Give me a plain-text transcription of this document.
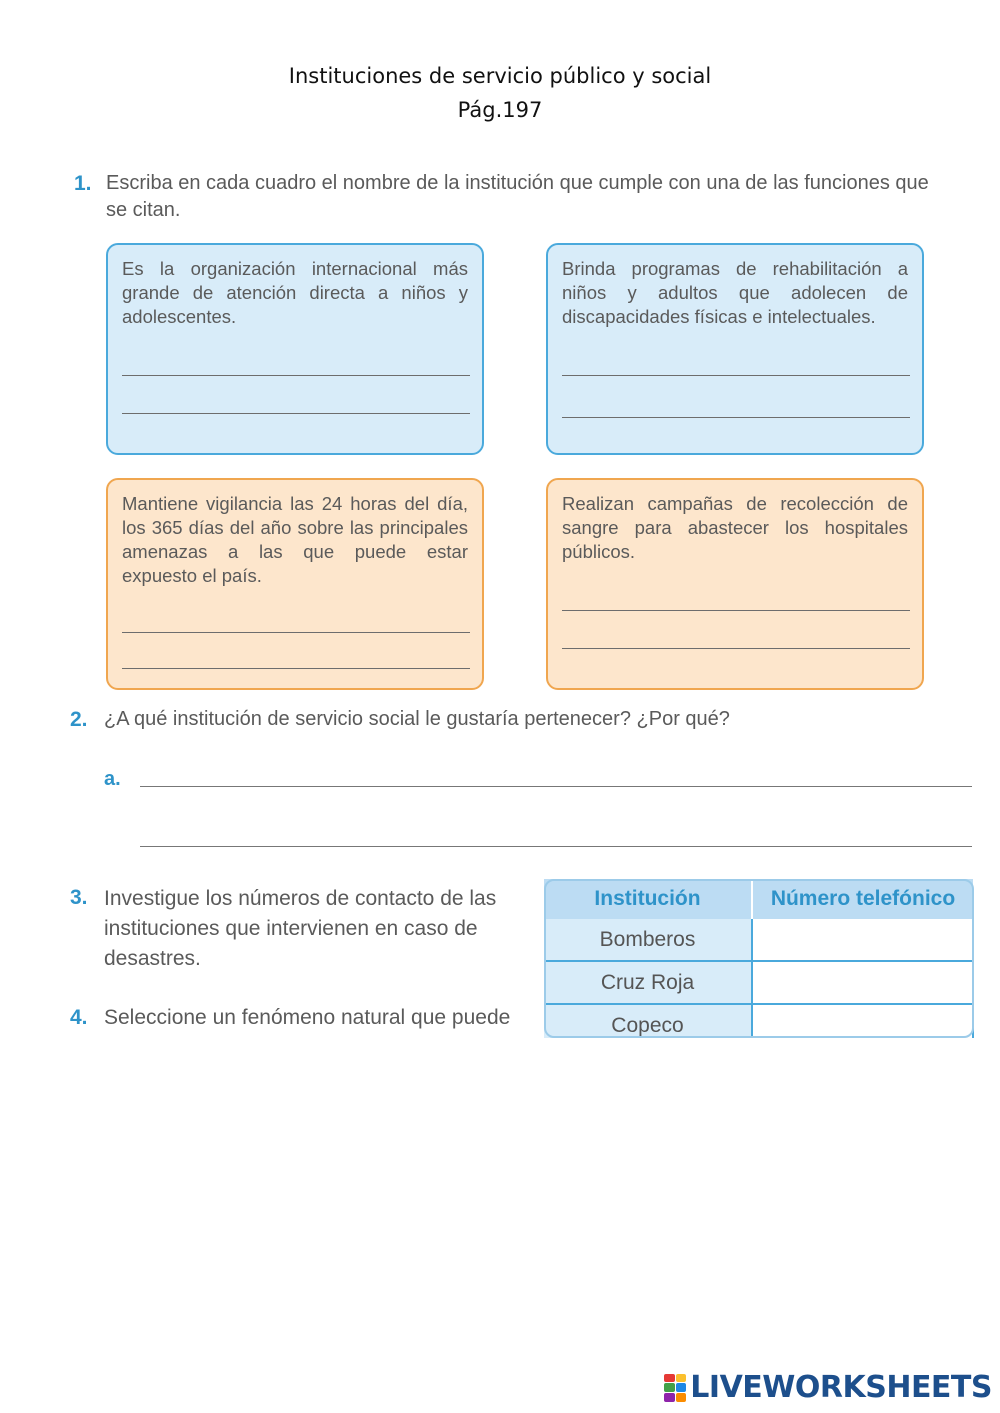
Instituciones de servicio público y social
Pág.197
1. Escriba en cada cuadro el nombre de la institución que cumple con una de las funciones que se citan.
Es la organización internacional más grande de atención directa a niños y adolescentes.
Brinda programas de rehabilitación a niños y adultos que adolecen de discapacidades físicas e intelectuales.
Mantiene vigilancia las 24 horas del día, los 365 días del año sobre las principales amenazas a las que puede estar expuesto el país.
Realizan campañas de recolección de sangre para abastecer los hospitales públicos.
2. ¿A qué institución de servicio social le gustaría pertenecer? ¿Por qué?
a.
3. Investigue los números de contacto de las instituciones que intervienen en caso de desastres.
4. Seleccione un fenómeno natural que puede
Institución	Número telefónico
Bomberos	
Cruz Roja	
Copeco	
LIVEWORKSHEETS
